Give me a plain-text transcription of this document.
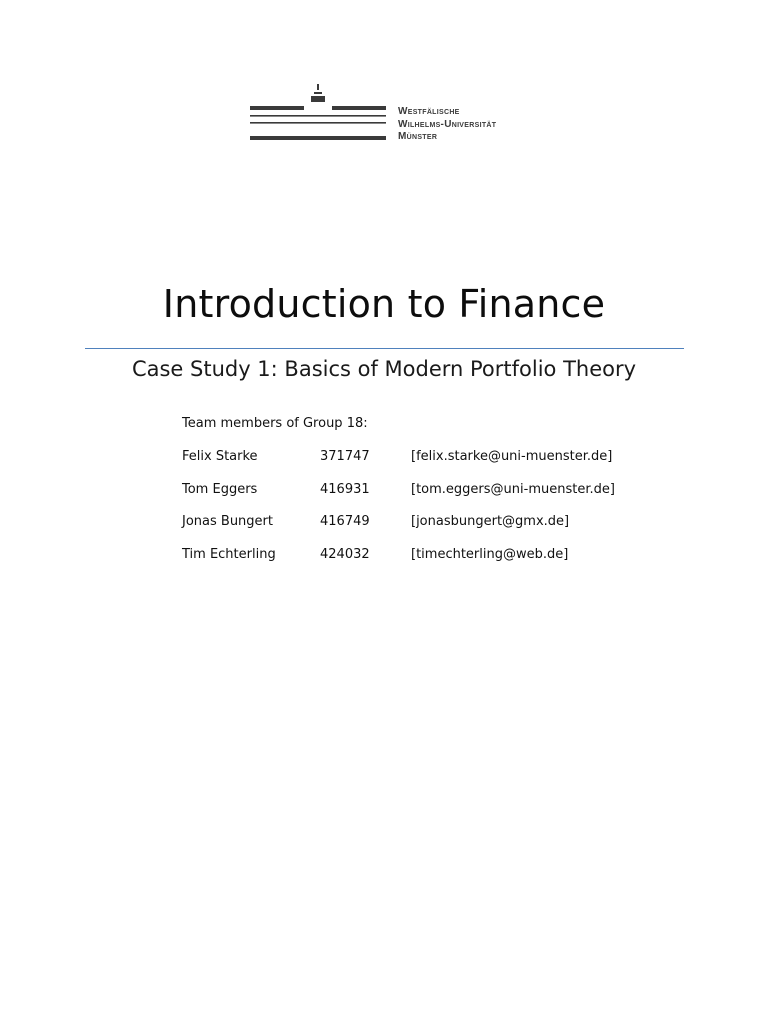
Westfälische
Wilhelms-Universität
Münster
Introduction to Finance
Case Study 1: Basics of Modern Portfolio Theory
Team members of Group 18:
Felix Starke	371747	[felix.starke@uni-muenster.de]
Tom Eggers	416931	[tom.eggers@uni-muenster.de]
Jonas Bungert	416749	[jonasbungert@gmx.de]
Tim Echterling	424032	[timechterling@web.de]
